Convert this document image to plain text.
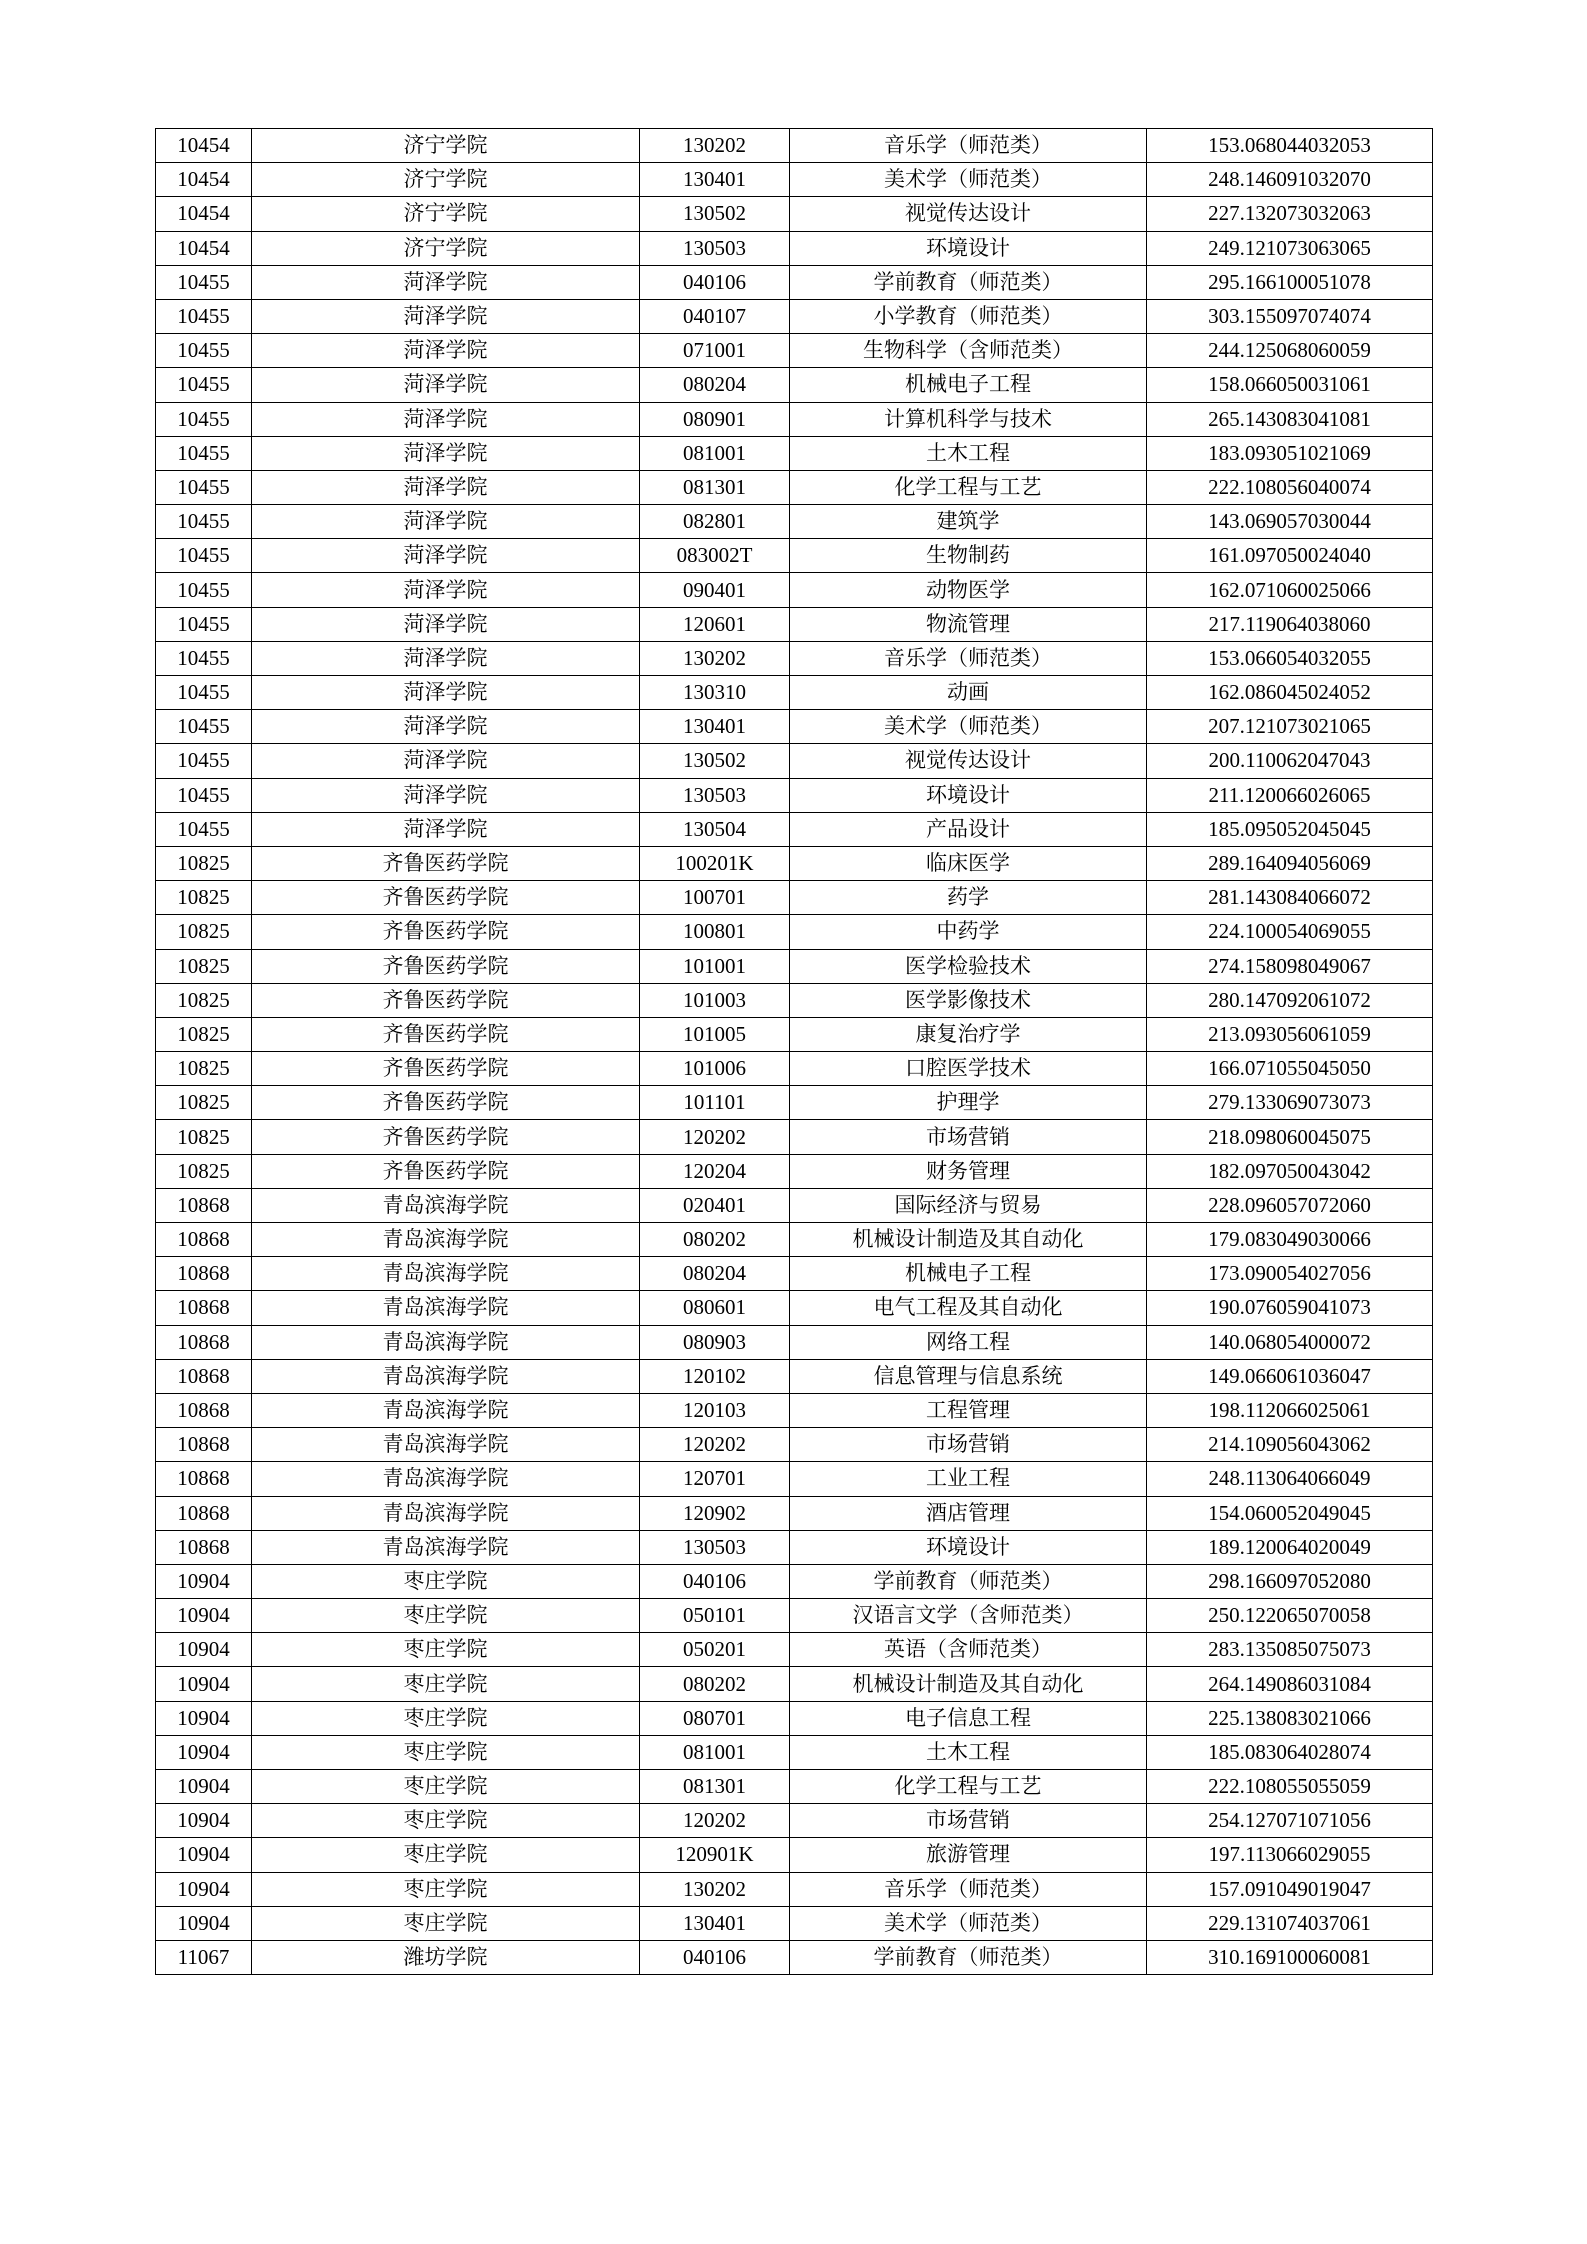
10454	济宁学院	130202	音乐学（师范类）	153.068044032053
10454	济宁学院	130401	美术学（师范类）	248.146091032070
10454	济宁学院	130502	视觉传达设计	227.132073032063
10454	济宁学院	130503	环境设计	249.121073063065
10455	菏泽学院	040106	学前教育（师范类）	295.166100051078
10455	菏泽学院	040107	小学教育（师范类）	303.155097074074
10455	菏泽学院	071001	生物科学（含师范类）	244.125068060059
10455	菏泽学院	080204	机械电子工程	158.066050031061
10455	菏泽学院	080901	计算机科学与技术	265.143083041081
10455	菏泽学院	081001	土木工程	183.093051021069
10455	菏泽学院	081301	化学工程与工艺	222.108056040074
10455	菏泽学院	082801	建筑学	143.069057030044
10455	菏泽学院	083002T	生物制药	161.097050024040
10455	菏泽学院	090401	动物医学	162.071060025066
10455	菏泽学院	120601	物流管理	217.119064038060
10455	菏泽学院	130202	音乐学（师范类）	153.066054032055
10455	菏泽学院	130310	动画	162.086045024052
10455	菏泽学院	130401	美术学（师范类）	207.121073021065
10455	菏泽学院	130502	视觉传达设计	200.110062047043
10455	菏泽学院	130503	环境设计	211.120066026065
10455	菏泽学院	130504	产品设计	185.095052045045
10825	齐鲁医药学院	100201K	临床医学	289.164094056069
10825	齐鲁医药学院	100701	药学	281.143084066072
10825	齐鲁医药学院	100801	中药学	224.100054069055
10825	齐鲁医药学院	101001	医学检验技术	274.158098049067
10825	齐鲁医药学院	101003	医学影像技术	280.147092061072
10825	齐鲁医药学院	101005	康复治疗学	213.093056061059
10825	齐鲁医药学院	101006	口腔医学技术	166.071055045050
10825	齐鲁医药学院	101101	护理学	279.133069073073
10825	齐鲁医药学院	120202	市场营销	218.098060045075
10825	齐鲁医药学院	120204	财务管理	182.097050043042
10868	青岛滨海学院	020401	国际经济与贸易	228.096057072060
10868	青岛滨海学院	080202	机械设计制造及其自动化	179.083049030066
10868	青岛滨海学院	080204	机械电子工程	173.090054027056
10868	青岛滨海学院	080601	电气工程及其自动化	190.076059041073
10868	青岛滨海学院	080903	网络工程	140.068054000072
10868	青岛滨海学院	120102	信息管理与信息系统	149.066061036047
10868	青岛滨海学院	120103	工程管理	198.112066025061
10868	青岛滨海学院	120202	市场营销	214.109056043062
10868	青岛滨海学院	120701	工业工程	248.113064066049
10868	青岛滨海学院	120902	酒店管理	154.060052049045
10868	青岛滨海学院	130503	环境设计	189.120064020049
10904	枣庄学院	040106	学前教育（师范类）	298.166097052080
10904	枣庄学院	050101	汉语言文学（含师范类）	250.122065070058
10904	枣庄学院	050201	英语（含师范类）	283.135085075073
10904	枣庄学院	080202	机械设计制造及其自动化	264.149086031084
10904	枣庄学院	080701	电子信息工程	225.138083021066
10904	枣庄学院	081001	土木工程	185.083064028074
10904	枣庄学院	081301	化学工程与工艺	222.108055055059
10904	枣庄学院	120202	市场营销	254.127071071056
10904	枣庄学院	120901K	旅游管理	197.113066029055
10904	枣庄学院	130202	音乐学（师范类）	157.091049019047
10904	枣庄学院	130401	美术学（师范类）	229.131074037061
11067	潍坊学院	040106	学前教育（师范类）	310.169100060081
